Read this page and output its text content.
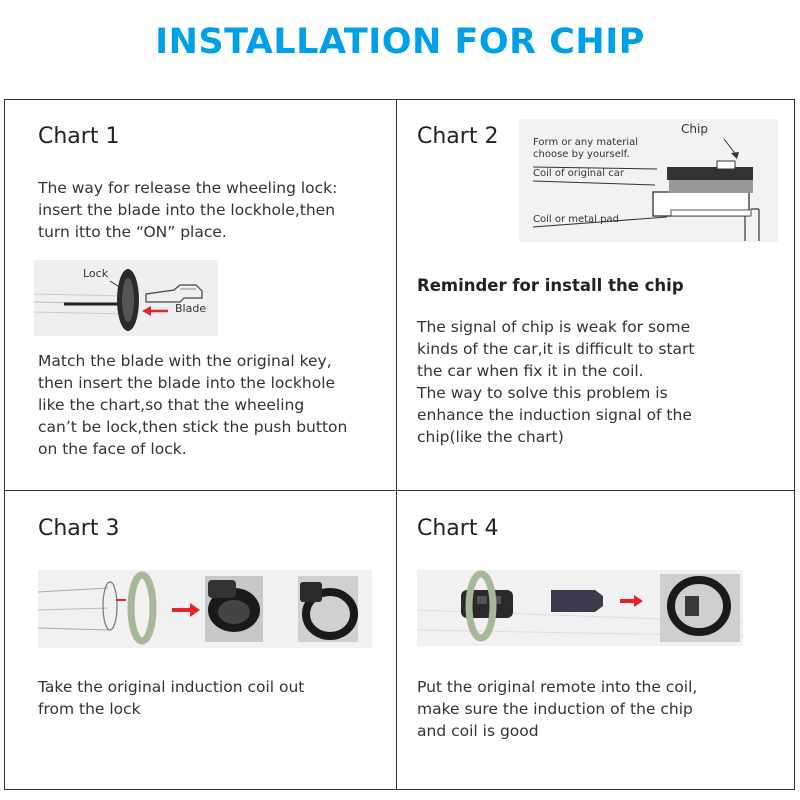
INSTALLATION FOR CHIP
Chart 1
The way for release the wheeling lock:
insert the blade into the lockhole,then
turn itto the “ON” place.
Lock
Blade
Match the blade with the original key,
then insert the blade into the lockhole
like the chart,so that the wheeling
can’t be lock,then stick the push button
on the face of lock.
Chart 2	Chip
Form or any material
choose by yourself.
Coil of original car
Coil or metal pad
Reminder for install the chip
The signal of chip is weak for some
kinds of the car,it is difficult to start
the car when fix it in the coil.
The way to solve this problem is
enhance the induction signal of the
chip(like the chart)
Chart 3
Take the original induction coil out
from the lock
Chart 4
Put the original remote into the coil,
make sure the induction of the chip
and coil is good
